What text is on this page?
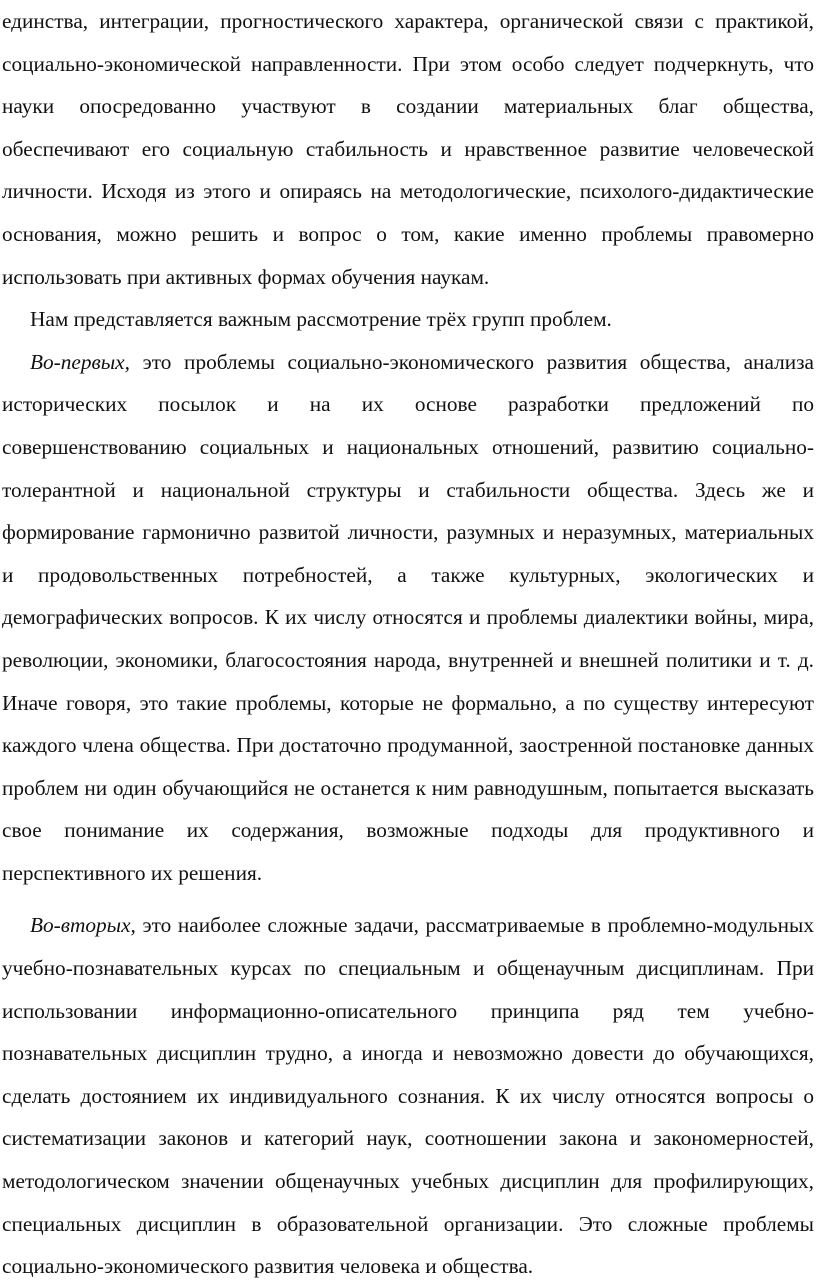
единства, интеграции, прогностического характера, органической связи с практикой,
социально-экономической направленности. При этом особо следует подчеркнуть, что
науки опосредованно участвуют в создании материальных благ общества,
обеспечивают его социальную стабильность и нравственное развитие человеческой
личности. Исходя из этого и опираясь на методологические, психолого-дидактические
основания, можно решить и вопрос о том, какие именно проблемы правомерно
использовать при активных формах обучения наукам.
Нам представляется важным рассмотрение трёх групп проблем.
Во-первых, это проблемы социально-экономического развития общества, анализа
исторических посылок и на их основе разработки предложений по
совершенствованию социальных и национальных отношений, развитию социально-
толерантной и национальной структуры и стабильности общества. Здесь же и
формирование гармонично развитой личности, разумных и неразумных, материальных
и продовольственных потребностей, а также культурных, экологических и
демографических вопросов. К их числу относятся и проблемы диалектики войны, мира,
революции, экономики, благосостояния народа, внутренней и внешней политики и т. д.
Иначе говоря, это такие проблемы, которые не формально, а по существу интересуют
каждого члена общества. При достаточно продуманной, заостренной постановке данных
проблем ни один обучающийся не останется к ним равнодушным, попытается высказать
свое понимание их содержания, возможные подходы для продуктивного и
перспективного их решения.
Во-вторых, это наиболее сложные задачи, рассматриваемые в проблемно-модульных
учебно-познавательных курсах по специальным и общенаучным дисциплинам. При
использовании информационно-описательного принципа ряд тем учебно-
познавательных дисциплин трудно, а иногда и невозможно довести до обучающихся,
сделать достоянием их индивидуального сознания. К их числу относятся вопросы о
систематизации законов и категорий наук, соотношении закона и закономерностей,
методологическом значении общенаучных учебных дисциплин для профилирующих,
специальных дисциплин в образовательной организации. Это сложные проблемы
социально-экономического развития человека и общества.
